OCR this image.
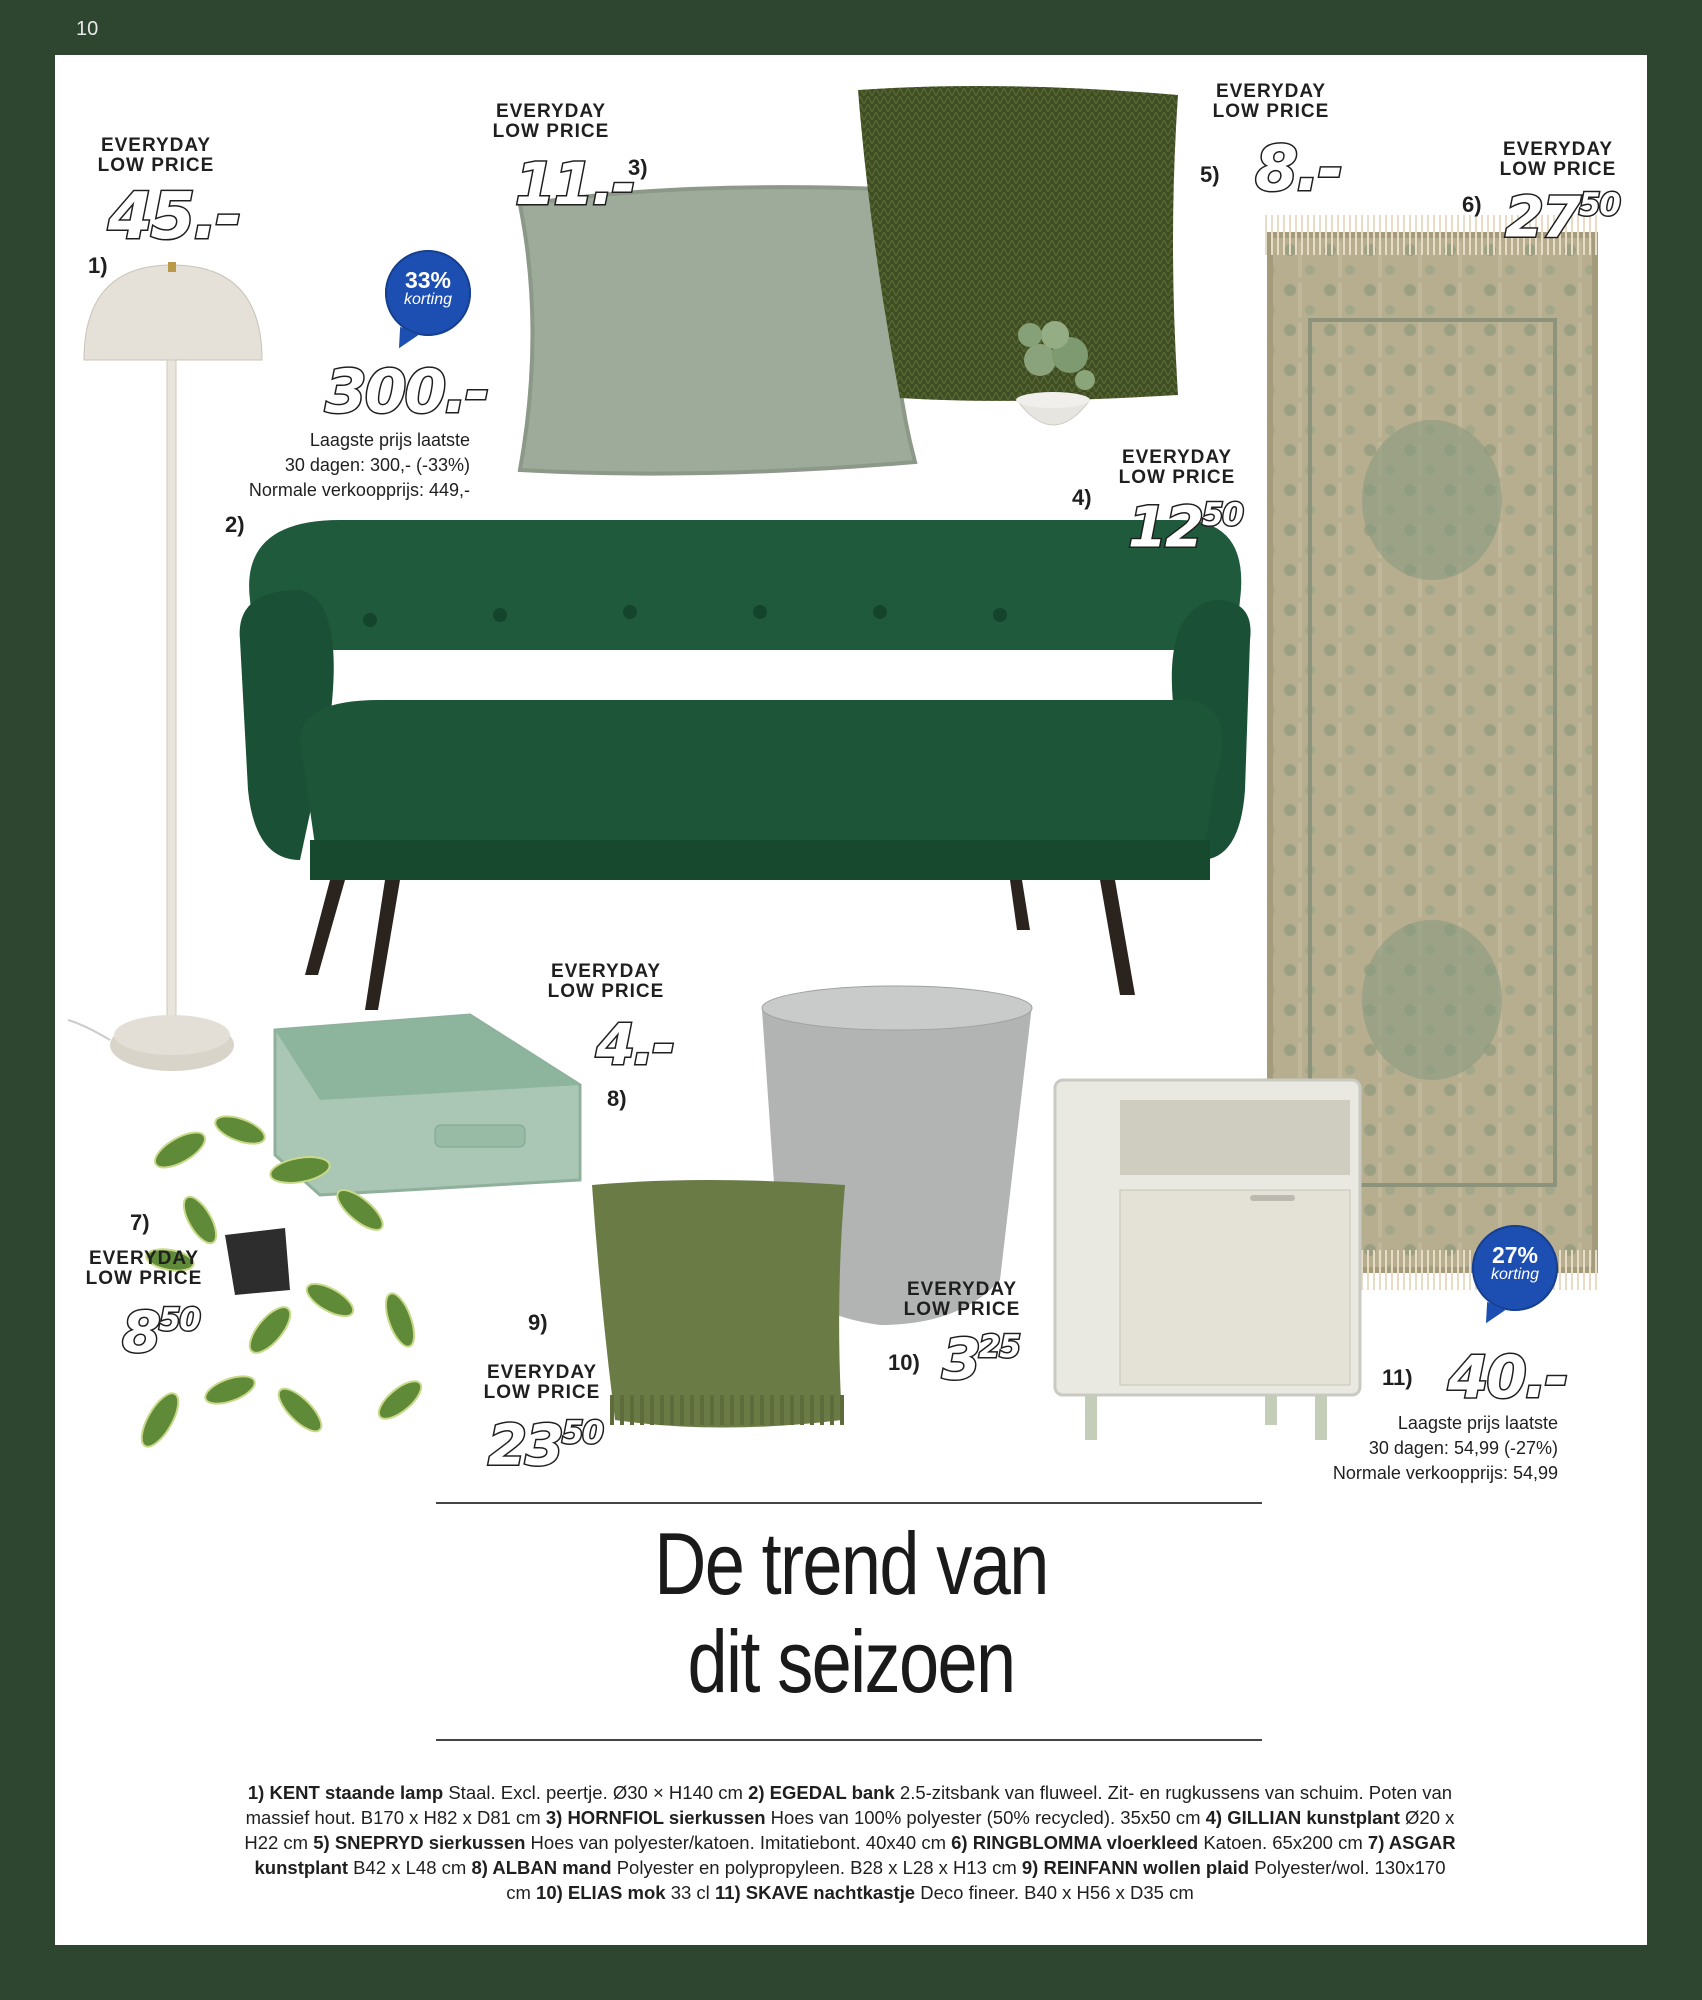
10
EVERYDAY
LOW PRICE
45.-
1)
33%
korting
300.-
Laagste prijs laatste
30 dagen: 300,- (-33%)
Normale verkoopprijs: 449,-
2)
EVERYDAY
LOW PRICE
11.-
3)
EVERYDAY
LOW PRICE
5) 8.-	EVERYDAY
LOW PRICE
6) $27^{50}$
EVERYDAY
LOW PRICE
4) $12^{50}$
EVERYDAY
LOW PRICE
4.-
8)
7)
EVERYDAY
LOW PRICE
$8^{50}$	9)
EVERYDAY
LOW PRICE
$23^{50}$
EVERYDAY
LOW PRICE
10) $3^{25}$
27%
korting
11) 40.-
Laagste prijs laatste
30 dagen: 54,99 (-27%)
Normale verkoopprijs: 54,99
De trend van
dit seizoen
1) KENT staande lamp Staal. Excl. peertje. Ø30 × H140 cm 2) EGEDAL bank 2.5-zitsbank van fluweel. Zit- en rugkussens van schuim. Poten van massief hout. B170 x H82 x D81 cm 3) HORNFIOL sierkussen Hoes van 100% polyester (50% recycled). 35x50 cm 4) GILLIAN kunstplant Ø20 x H22 cm 5) SNEPRYD sierkussen Hoes van polyester/katoen. Imitatiebont. 40x40 cm 6) RINGBLOMMA vloerkleed Katoen. 65x200 cm 7) ASGAR kunstplant B42 x L48 cm 8) ALBAN mand Polyester en polypropyleen. B28 x L28 x H13 cm 9) REINFANN wollen plaid Polyester/wol. 130x170 cm 10) ELIAS mok 33 cl 11) SKAVE nachtkastje Deco fineer. B40 x H56 x D35 cm
